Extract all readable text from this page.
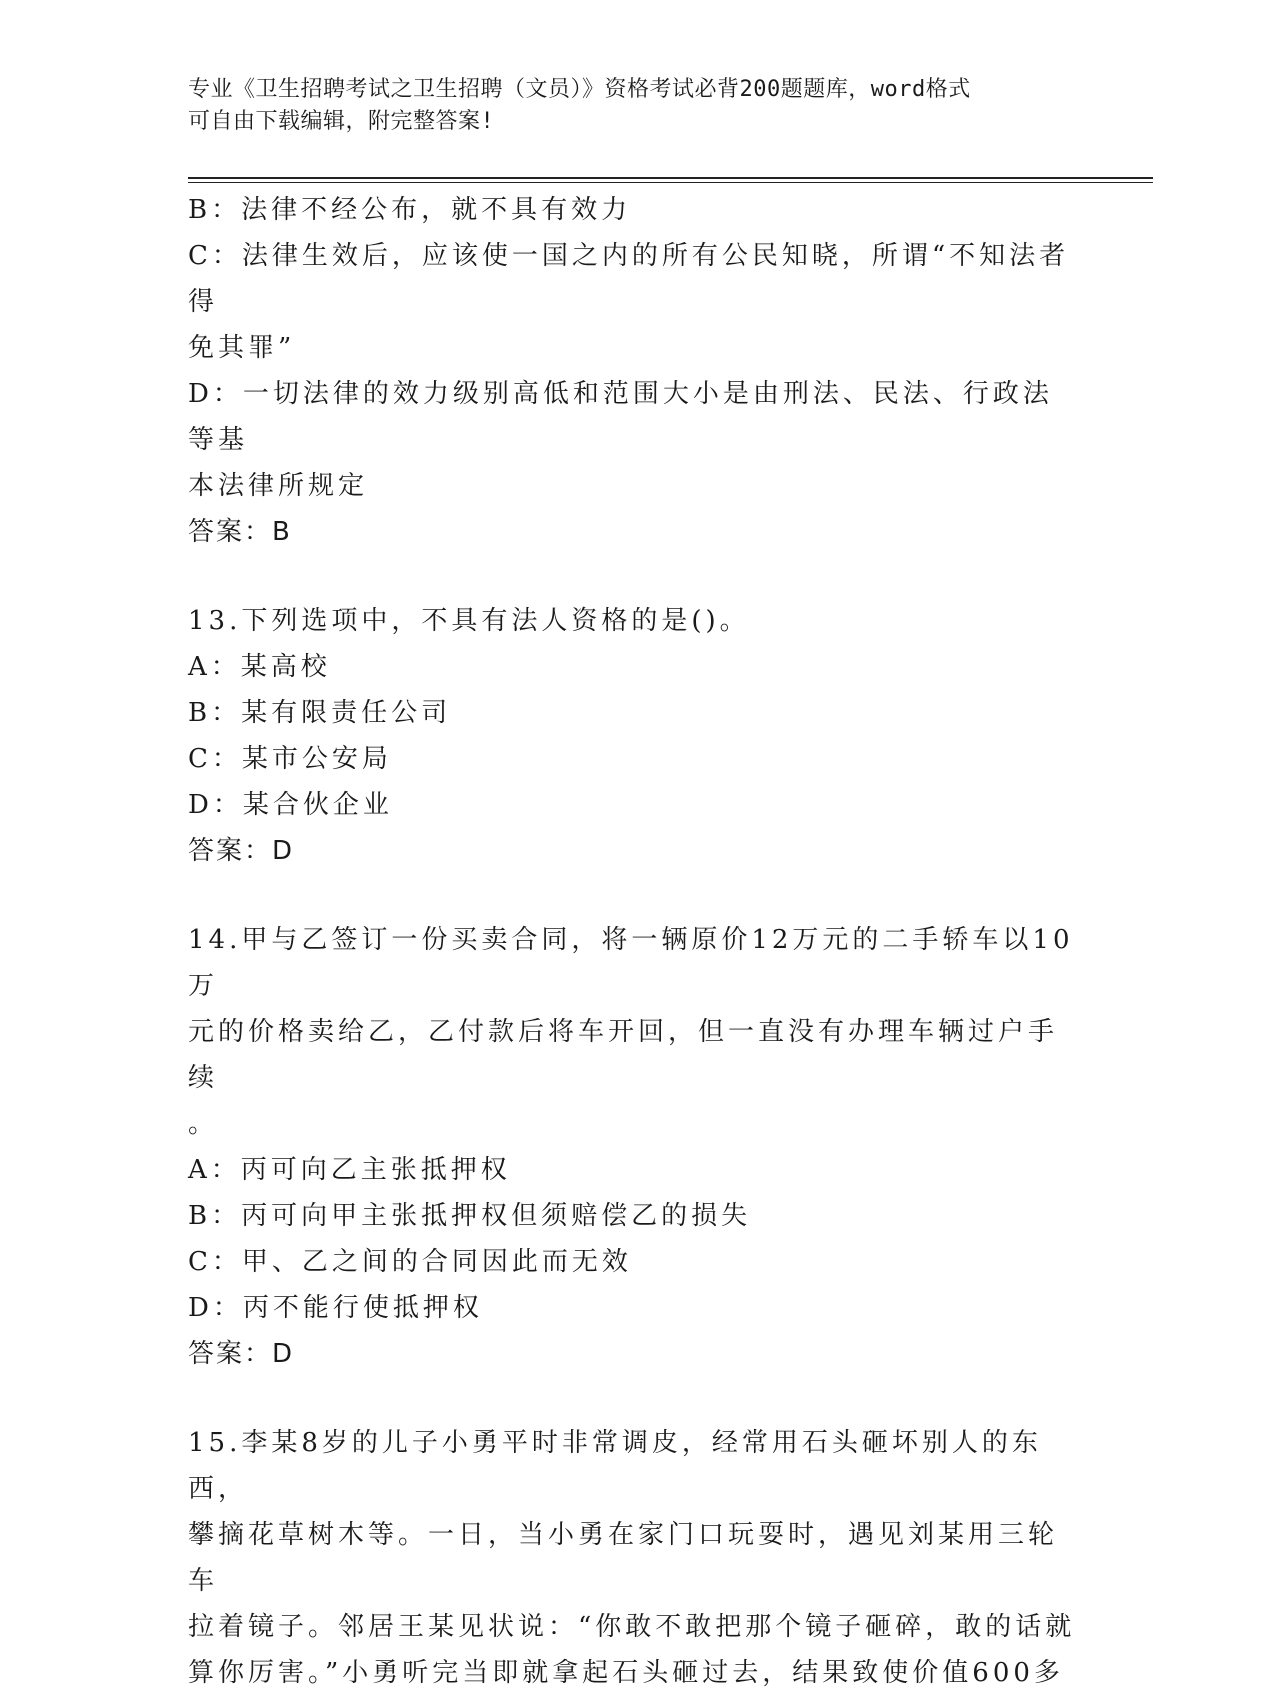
专业《卫生招聘考试之卫生招聘（文员）》资格考试必背200题题库，word格式
可自由下载编辑，附完整答案!
B：法律不经公布，就不具有效力
C：法律生效后，应该使一国之内的所有公民知晓，所谓“不知法者得
免其罪”
D：一切法律的效力级别高低和范围大小是由刑法、民法、行政法等基
本法律所规定
答案：B
13.下列选项中，不具有法人资格的是()。
A：某高校
B：某有限责任公司
C：某市公安局
D：某合伙企业
答案：D
14.甲与乙签订一份买卖合同，将一辆原价12万元的二手轿车以10万
元的价格卖给乙，乙付款后将车开回，但一直没有办理车辆过户手续
。
A：丙可向乙主张抵押权
B：丙可向甲主张抵押权但须赔偿乙的损失
C：甲、乙之间的合同因此而无效
D：丙不能行使抵押权
答案：D
15.李某8岁的儿子小勇平时非常调皮，经常用石头砸坏别人的东西，
攀摘花草树木等。一日，当小勇在家门口玩耍时，遇见刘某用三轮车
拉着镜子。邻居王某见状说：“你敢不敢把那个镜子砸碎，敢的话就
算你厉害。”小勇听完当即就拿起石头砸过去，结果致使价值600多
